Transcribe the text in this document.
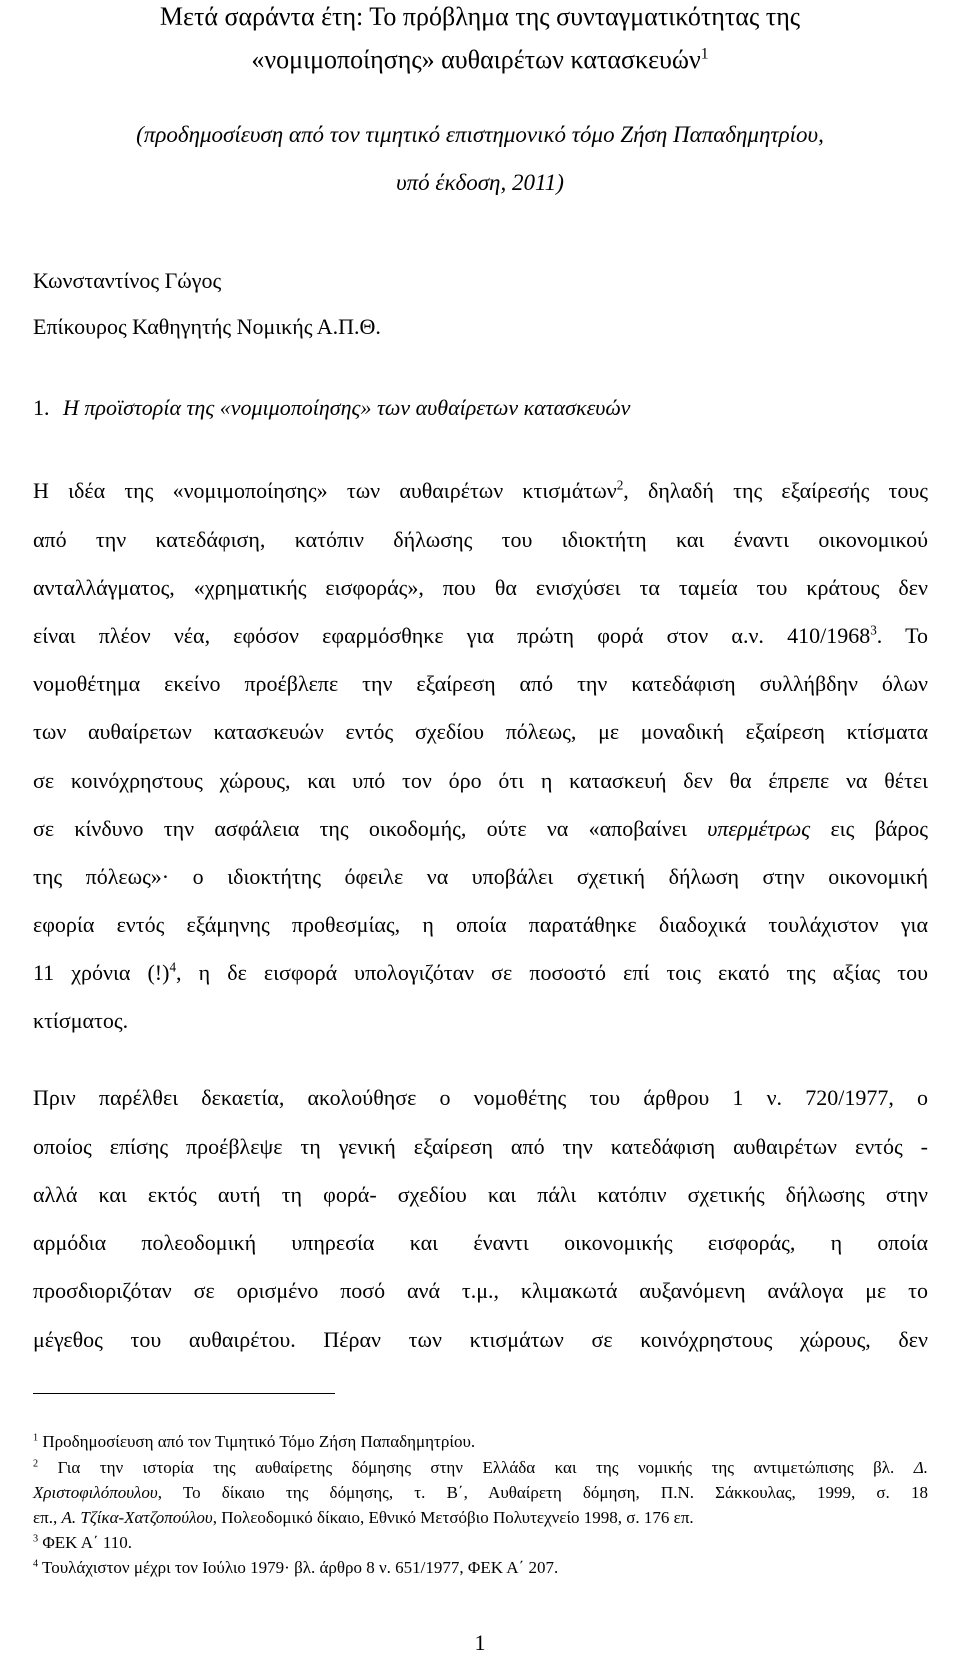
Μετά σαράντα έτη: Το πρόβλημα της συνταγματικότητας της
«νομιμοποίησης» αυθαιρέτων κατασκευών$^1$
(προδημοσίευση από τον τιμητικό επιστημονικό τόμο Ζήση Παπαδημητρίου,
υπό έκδοση, 2011)
Κωνσταντίνος Γώγος
Επίκουρος Καθηγητής Νομικής Α.Π.Θ.
1. Η προϊστορία της «νομιμοποίησης» των αυθαίρετων κατασκευών
Η ιδέα της «νομιμοποίησης» των αυθαιρέτων κτισμάτων$^2$, δηλαδή της εξαίρεσής τους
από την κατεδάφιση, κατόπιν δήλωσης του ιδιοκτήτη και έναντι οικονομικού
ανταλλάγματος, «χρηματικής εισφοράς», που θα ενισχύσει τα ταμεία του κράτους δεν
είναι πλέον νέα, εφόσον εφαρμόσθηκε για πρώτη φορά στον α.ν. 410/1968$^3$. Το
νομοθέτημα εκείνο προέβλεπε την εξαίρεση από την κατεδάφιση συλλήβδην όλων
των αυθαίρετων κατασκευών εντός σχεδίου πόλεως, με μοναδική εξαίρεση κτίσματα
σε κοινόχρηστους χώρους, και υπό τον όρο ότι η κατασκευή δεν θα έπρεπε να θέτει
σε κίνδυνο την ασφάλεια της οικοδομής, ούτε να «αποβαίνει υπερμέτρως εις βάρος
της πόλεως»· ο ιδιοκτήτης όφειλε να υποβάλει σχετική δήλωση στην οικονομική
εφορία εντός εξάμηνης προθεσμίας, η οποία παρατάθηκε διαδοχικά τουλάχιστον για
11 χρόνια (!)$^4$, η δε εισφορά υπολογιζόταν σε ποσοστό επί τοις εκατό της αξίας του
κτίσματος.
Πριν παρέλθει δεκαετία, ακολούθησε ο νομοθέτης του άρθρου 1 ν. 720/1977, ο
οποίος επίσης προέβλεψε τη γενική εξαίρεση από την κατεδάφιση αυθαιρέτων εντός -
αλλά και εκτός αυτή τη φορά- σχεδίου και πάλι κατόπιν σχετικής δήλωσης στην
αρμόδια πολεοδομική υπηρεσία και έναντι οικονομικής εισφοράς, η οποία
προσδιοριζόταν σε ορισμένο ποσό ανά τ.μ., κλιμακωτά αυξανόμενη ανάλογα με το
μέγεθος του αυθαιρέτου. Πέραν των κτισμάτων σε κοινόχρηστους χώρους, δεν
$^1$ Προδημοσίευση από τον Τιμητικό Τόμο Ζήση Παπαδημητρίου.
$^2$ Για την ιστορία της αυθαίρετης δόμησης στην Ελλάδα και της νομικής της αντιμετώπισης βλ. Δ.
Χριστοφιλόπουλου, Το δίκαιο της δόμησης, τ. Β΄, Αυθαίρετη δόμηση, Π.Ν. Σάκκουλας, 1999, σ. 18
επ., Α. Τζίκα-Χατζοπούλου, Πολεοδομικό δίκαιο, Εθνικό Μετσόβιο Πολυτεχνείο 1998, σ. 176 επ.
$^3$ ΦΕΚ Α΄ 110.
$^4$ Τουλάχιστον μέχρι τον Ιούλιο 1979· βλ. άρθρο 8 ν. 651/1977, ΦΕΚ Α΄ 207.
1
